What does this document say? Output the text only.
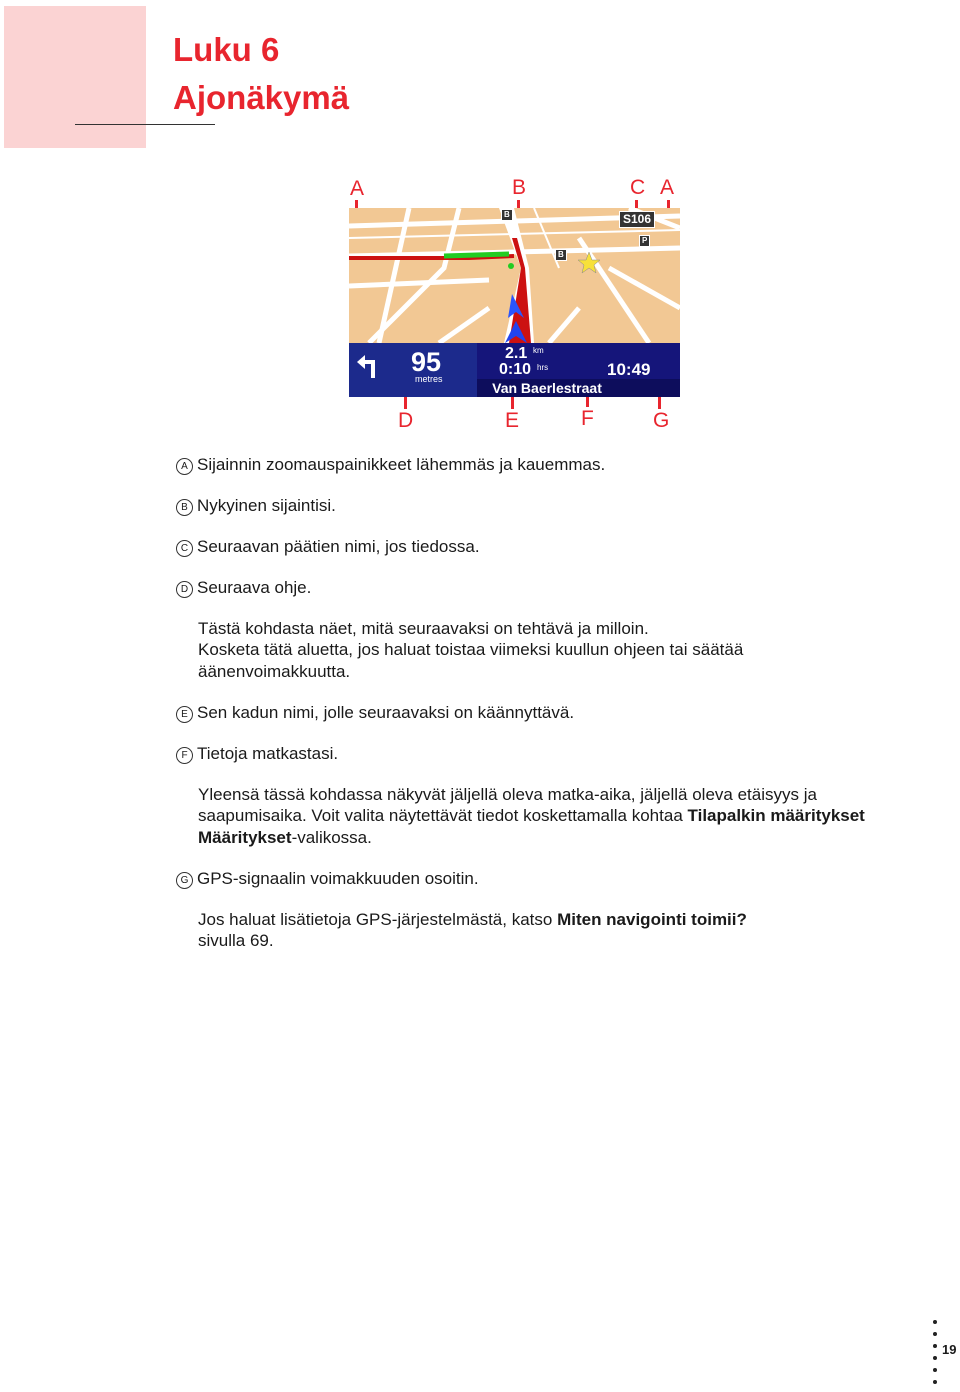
Luku 6
Ajonäkymä
A	B	C A
D	E	F	G
S106
B
B
P
95
metres
2.1 km
0:10 hrs	10:49
Van Baerlestraat

A Sijainnin zoomauspainikkeet lähemmäs ja kauemmas.

B Nykyinen sijaintisi.

C Seuraavan päätien nimi, jos tiedossa.

D Seuraava ohje.

Tästä kohdasta näet, mitä seuraavaksi on tehtävä ja milloin.

Kosketa tätä aluetta, jos haluat toistaa viimeksi kuullun ohjeen tai säätää äänenvoimakkuutta.

E Sen kadun nimi, jolle seuraavaksi on käännyttävä.

F Tietoja matkastasi.

Yleensä tässä kohdassa näkyvät jäljellä oleva matka-aika, jäljellä oleva etäisyys ja saapumisaika. Voit valita näytettävät tiedot koskettamalla kohtaa Tilapalkin määritykset Määritykset-valikossa.

G GPS-signaalin voimakkuuden osoitin.

Jos haluat lisätietoja GPS-järjestelmästä, katso Miten navigointi toimii?
sivulla 69.

19
